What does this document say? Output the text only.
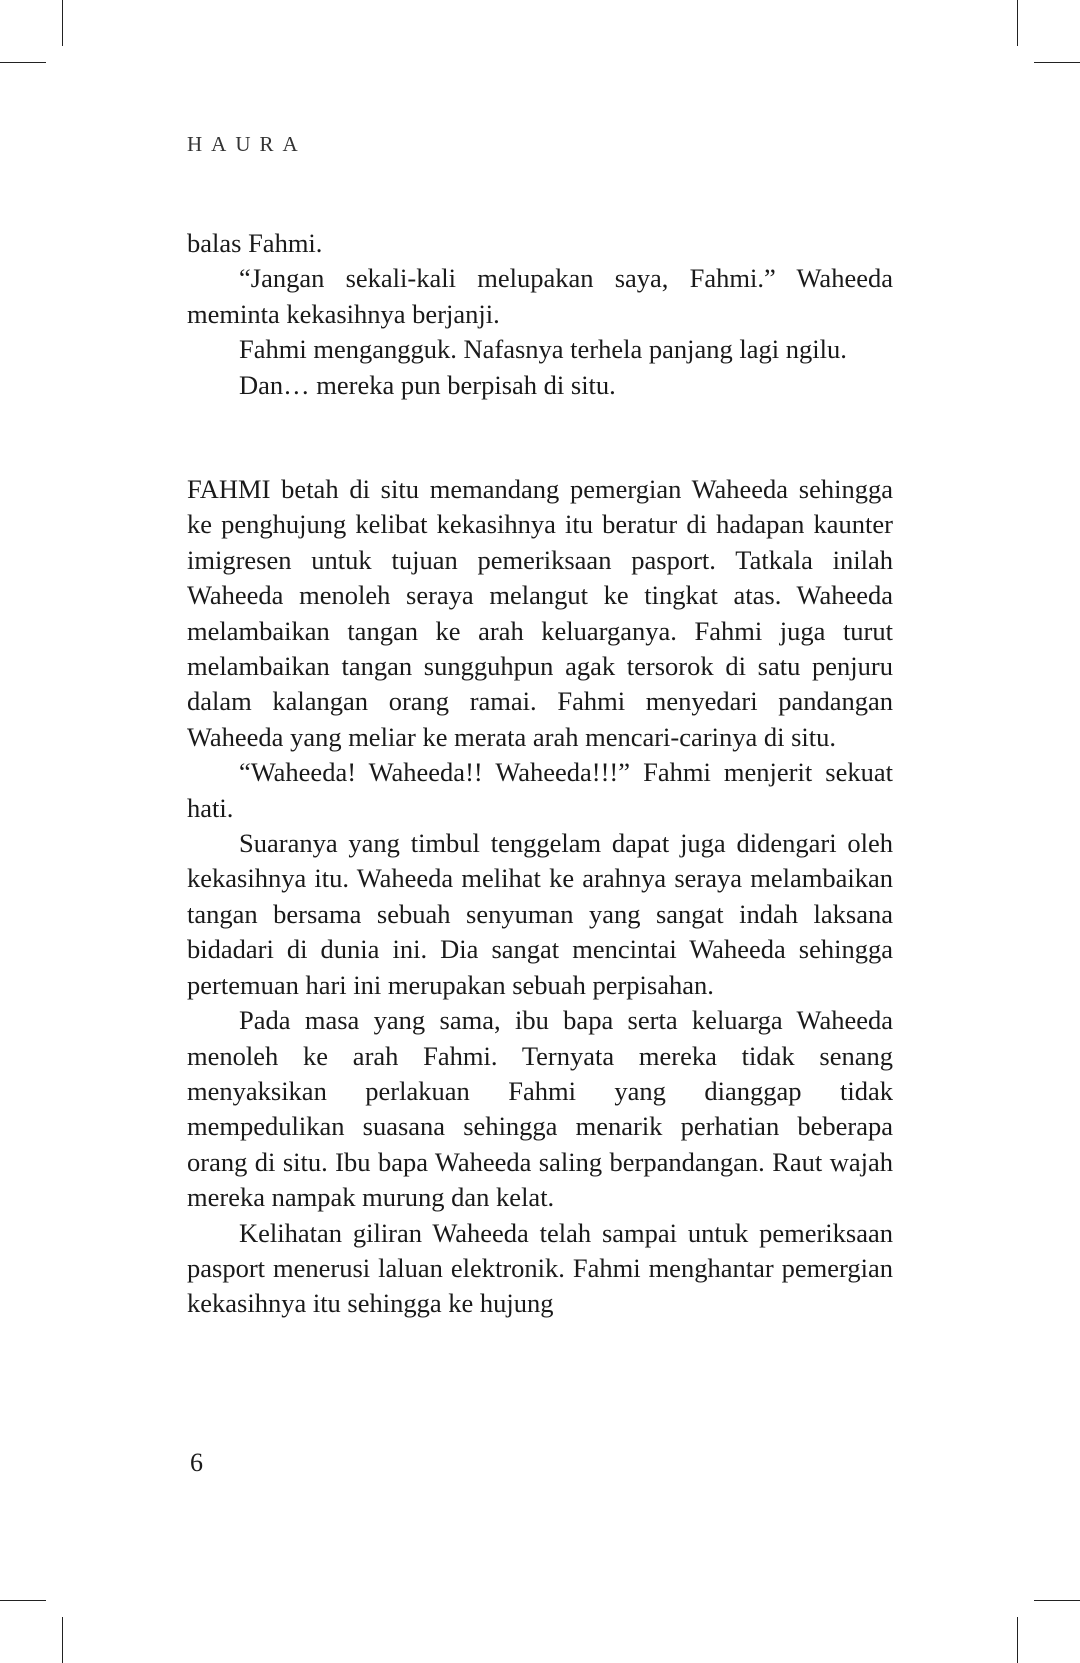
HAURA

balas Fahmi.

“Jangan sekali-kali melupakan saya, Fahmi.” Waheeda meminta kekasihnya berjanji.

Fahmi mengangguk. Nafasnya terhela panjang lagi ngilu.

Dan… mereka pun berpisah di situ.

FAHMI betah di situ memandang pemergian Waheeda sehingga ke penghujung kelibat kekasihnya itu beratur di hadapan kaunter imigresen untuk tujuan pemeriksaan pasport. Tatkala inilah Waheeda menoleh seraya melangut ke tingkat atas. Waheeda melambaikan tangan ke arah keluarganya. Fahmi juga turut melambaikan tangan sungguhpun agak tersorok di satu penjuru dalam kalangan orang ramai. Fahmi menyedari pandangan Waheeda yang meliar ke merata arah mencari-carinya di situ.

“Waheeda! Waheeda!! Waheeda!!!” Fahmi menjerit sekuat hati.

Suaranya yang timbul tenggelam dapat juga didengari oleh kekasihnya itu. Waheeda melihat ke arahnya seraya melambaikan tangan bersama sebuah senyuman yang sangat indah laksana bidadari di dunia ini. Dia sangat mencintai Waheeda sehingga pertemuan hari ini merupakan sebuah perpisahan.

Pada masa yang sama, ibu bapa serta keluarga Waheeda menoleh ke arah Fahmi. Ternyata mereka tidak senang menyaksikan perlakuan Fahmi yang dianggap tidak mempedulikan suasana sehingga menarik perhatian beberapa orang di situ. Ibu bapa Waheeda saling berpandangan. Raut wajah mereka nampak murung dan kelat.

Kelihatan giliran Waheeda telah sampai untuk pemeriksaan pasport menerusi laluan elektronik. Fahmi menghantar pemergian kekasihnya itu sehingga ke hujung

6
